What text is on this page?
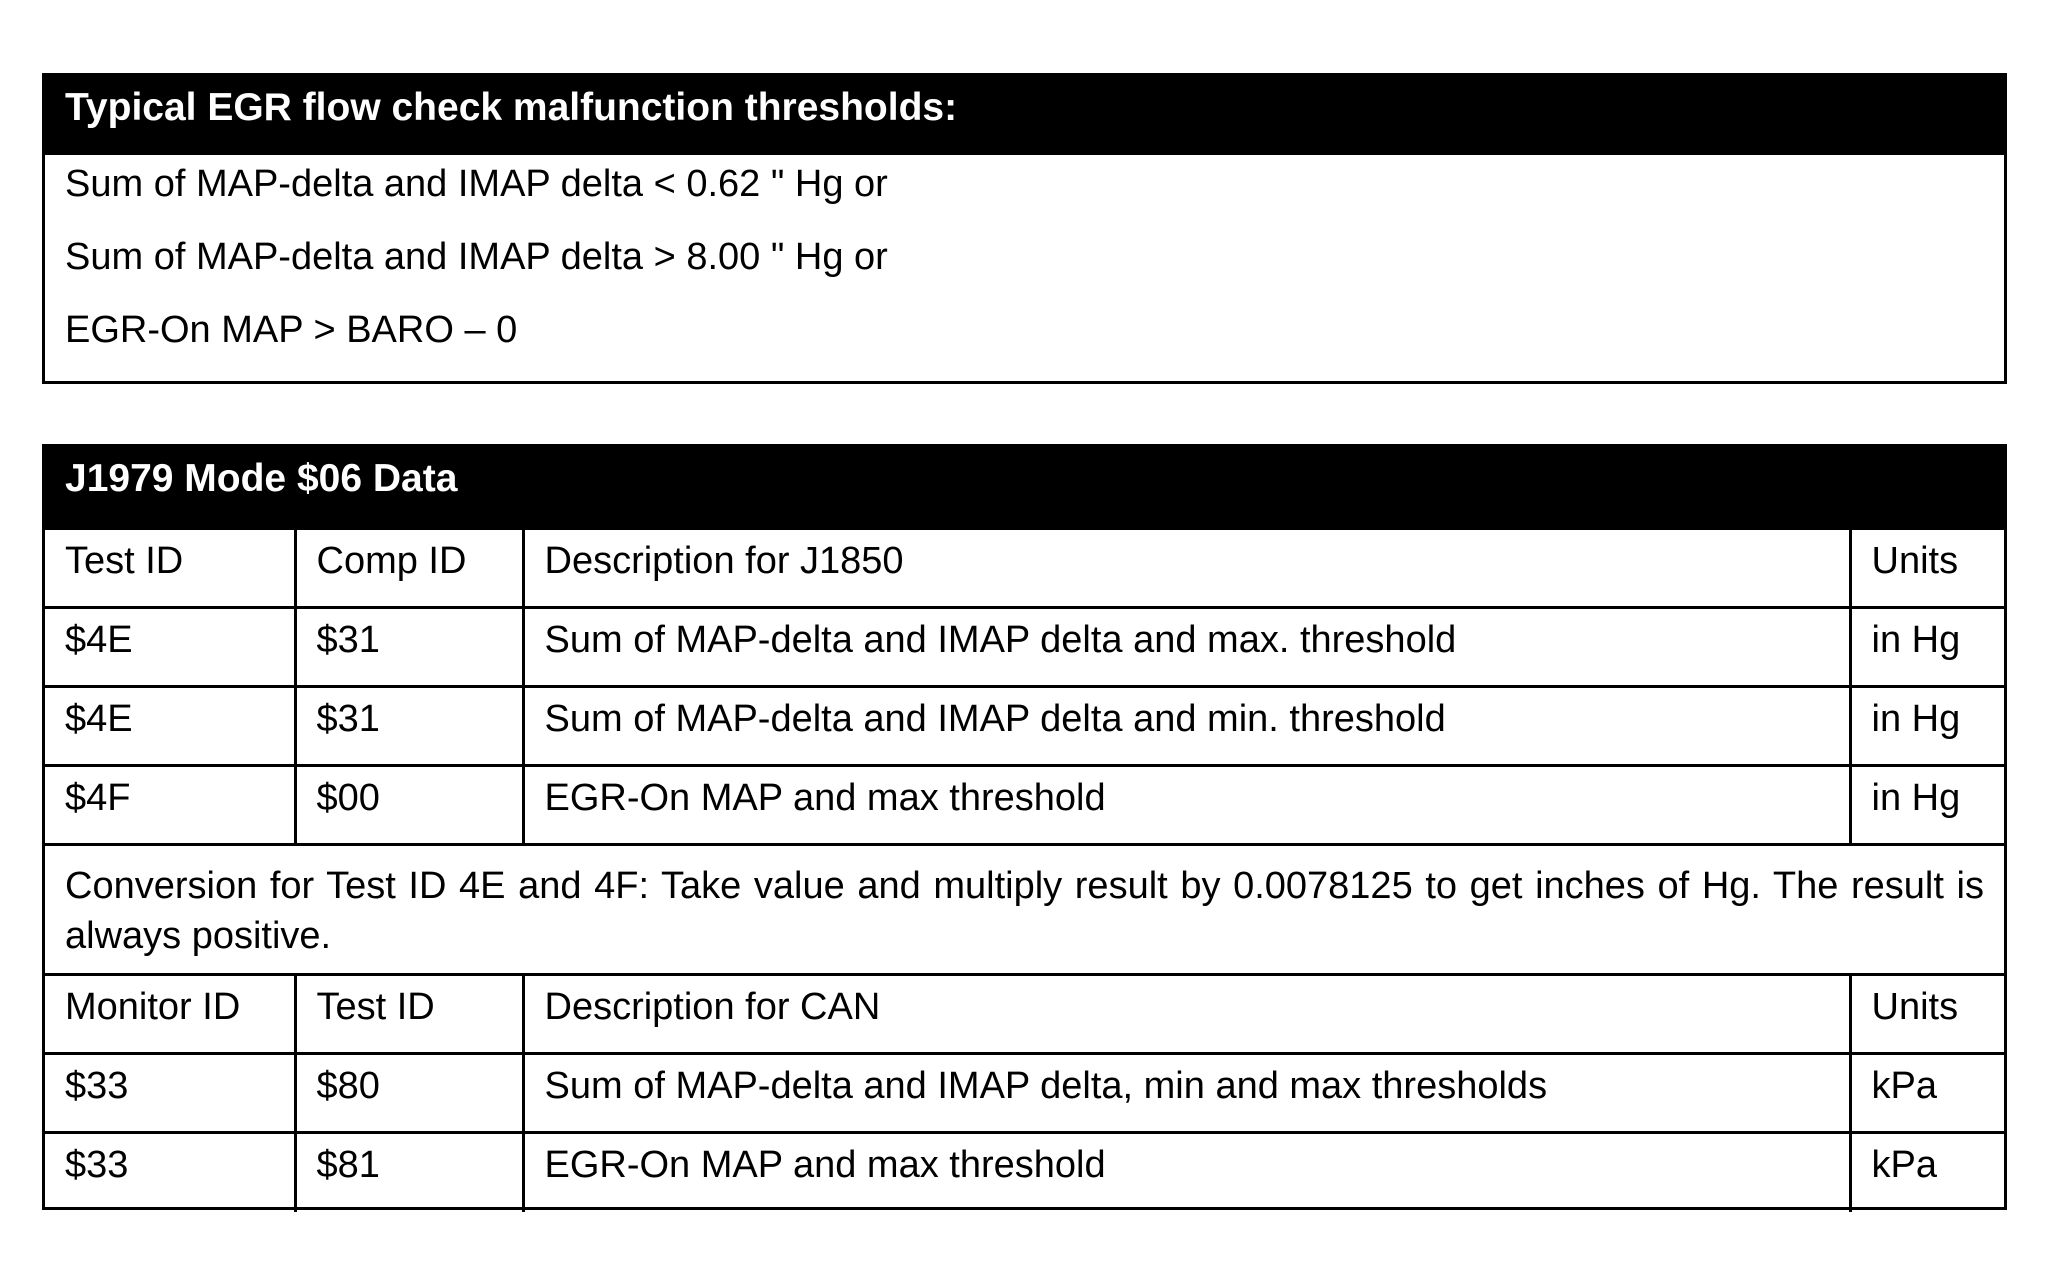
Typical EGR flow check malfunction thresholds:
Sum of MAP-delta and IMAP delta < 0.62 " Hg or
Sum of MAP-delta and IMAP delta > 8.00 " Hg or
EGR-On MAP > BARO – 0
J1979 Mode $06 Data
Test ID	Comp ID	Description for J1850	Units
$4E	$31	Sum of MAP-delta and IMAP delta and max. threshold	in Hg
$4E	$31	Sum of MAP-delta and IMAP delta and min. threshold	in Hg
$4F	$00	EGR-On MAP and max threshold	in Hg
Conversion for Test ID 4E and 4F: Take value and multiply result by 0.0078125 to get inches of Hg. The result is always positive.			
Monitor ID	Test ID	Description for CAN	Units
$33	$80	Sum of MAP-delta and IMAP delta, min and max thresholds	kPa
$33	$81	EGR-On MAP and max threshold	kPa
